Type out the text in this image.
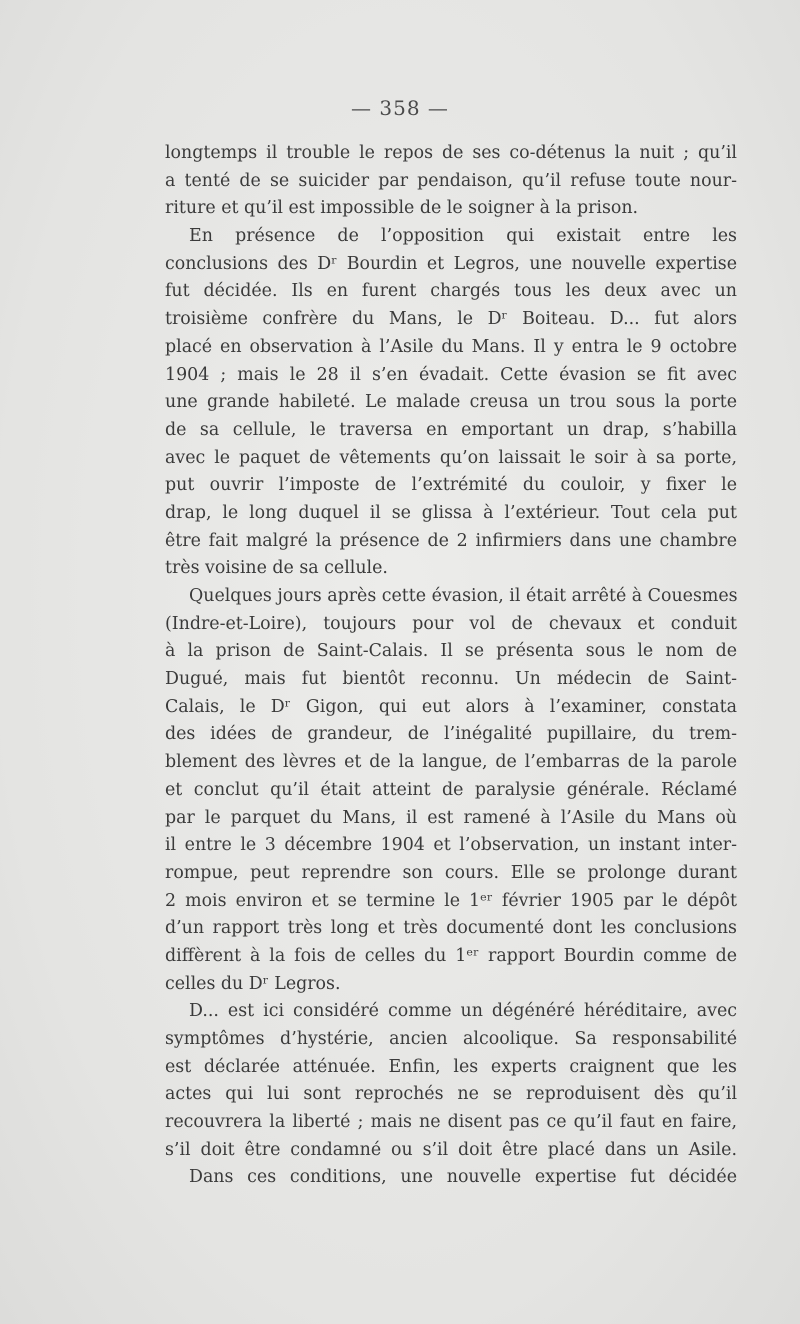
— 358 —
longtemps il trouble le repos de ses co-détenus la nuit ; qu’il
a tenté de se suicider par pendaison, qu’il refuse toute nour-
riture et qu’il est impossible de le soigner à la prison.
En présence de l’opposition qui existait entre les
conclusions des Dʳ Bourdin et Legros, une nouvelle expertise
fut décidée. Ils en furent chargés tous les deux avec un
troisième confrère du Mans, le Dʳ Boiteau. D... fut alors
placé en observation à l’Asile du Mans. Il y entra le 9 octobre
1904 ; mais le 28 il s’en évadait. Cette évasion se fit avec
une grande habileté. Le malade creusa un trou sous la porte
de sa cellule, le traversa en emportant un drap, s’habilla
avec le paquet de vêtements qu’on laissait le soir à sa porte,
put ouvrir l’imposte de l’extrémité du couloir, y fixer le
drap, le long duquel il se glissa à l’extérieur. Tout cela put
être fait malgré la présence de 2 infirmiers dans une chambre
très voisine de sa cellule.
Quelques jours après cette évasion, il était arrêté à Couesmes
(Indre-et-Loire), toujours pour vol de chevaux et conduit
à la prison de Saint-Calais. Il se présenta sous le nom de
Dugué, mais fut bientôt reconnu. Un médecin de Saint-
Calais, le Dʳ Gigon, qui eut alors à l’examiner, constata
des idées de grandeur, de l’inégalité pupillaire, du trem-
blement des lèvres et de la langue, de l’embarras de la parole
et conclut qu’il était atteint de paralysie générale. Réclamé
par le parquet du Mans, il est ramené à l’Asile du Mans où
il entre le 3 décembre 1904 et l’observation, un instant inter-
rompue, peut reprendre son cours. Elle se prolonge durant
2 mois environ et se termine le 1ᵉʳ février 1905 par le dépôt
d’un rapport très long et très documenté dont les conclusions
diffèrent à la fois de celles du 1ᵉʳ rapport Bourdin comme de
celles du Dʳ Legros.
D... est ici considéré comme un dégénéré héréditaire, avec
symptômes d’hystérie, ancien alcoolique. Sa responsabilité
est déclarée atténuée. Enfin, les experts craignent que les
actes qui lui sont reprochés ne se reproduisent dès qu’il
recouvrera la liberté ; mais ne disent pas ce qu’il faut en faire,
s’il doit être condamné ou s’il doit être placé dans un Asile.
Dans ces conditions, une nouvelle expertise fut décidée
